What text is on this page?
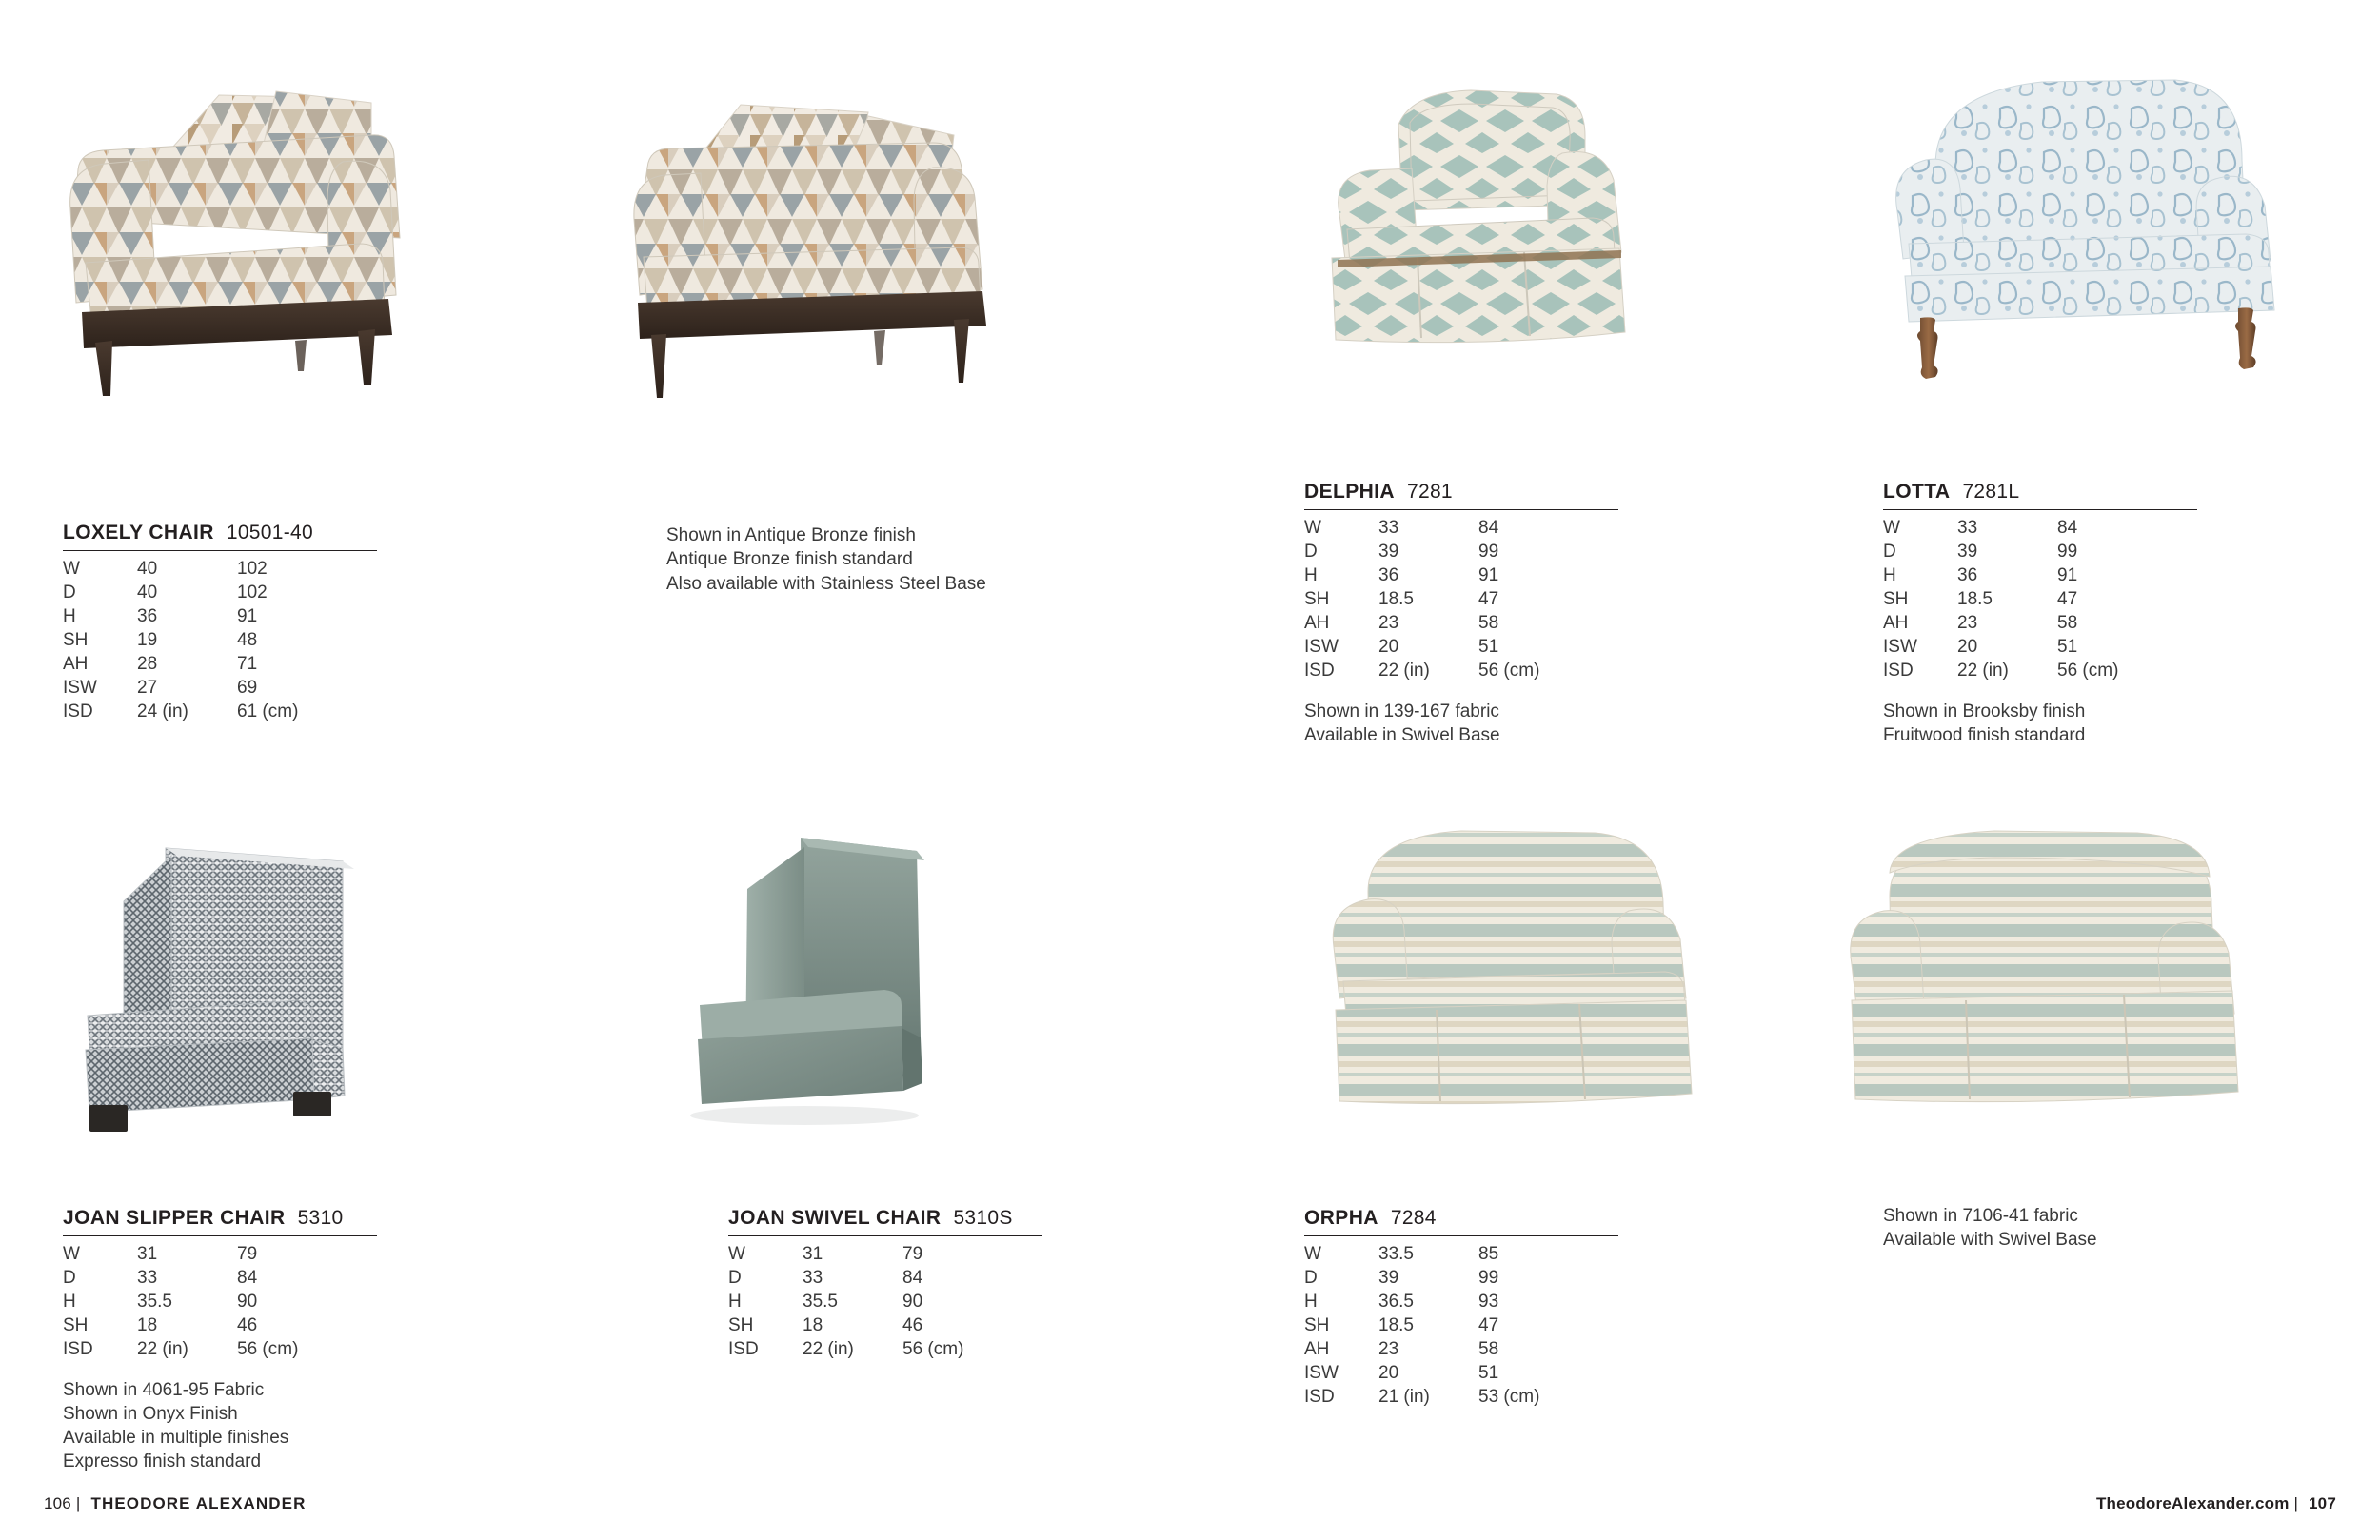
LOXELY CHAIR 10501-40
W	40	102
D	40	102
H	36	91
SH	19	48
AH	28	71
ISW	27	69
ISD	24 (in)	61 (cm)
Shown in Antique Bronze finish
Antique Bronze finish standard
Also available with Stainless Steel Base
DELPHIA 7281
W	33	84
D	39	99
H	36	91
SH	18.5	47
AH	23	58
ISW	20	51
ISD	22 (in)	56 (cm)
Shown in 139-167 fabric
Available in Swivel Base
LOTTA 7281L
W	33	84
D	39	99
H	36	91
SH	18.5	47
AH	23	58
ISW	20	51
ISD	22 (in)	56 (cm)
Shown in Brooksby finish
Fruitwood finish standard
JOAN SLIPPER CHAIR 5310
W	31	79
D	33	84
H	35.5	90
SH	18	46
ISD	22 (in)	56 (cm)
Shown in 4061-95 Fabric
Shown in Onyx Finish
Available in multiple finishes
Expresso finish standard
JOAN SWIVEL CHAIR 5310S
W	31	79
D	33	84
H	35.5	90
SH	18	46
ISD	22 (in)	56 (cm)
ORPHA 7284
W	33.5	85
D	39	99
H	36.5	93
SH	18.5	47
AH	23	58
ISW	20	51
ISD	21 (in)	53 (cm)
Shown in 7106-41 fabric
Available with Swivel Base
106 | THEODORE ALEXANDER	TheodoreAlexander.com | 107
